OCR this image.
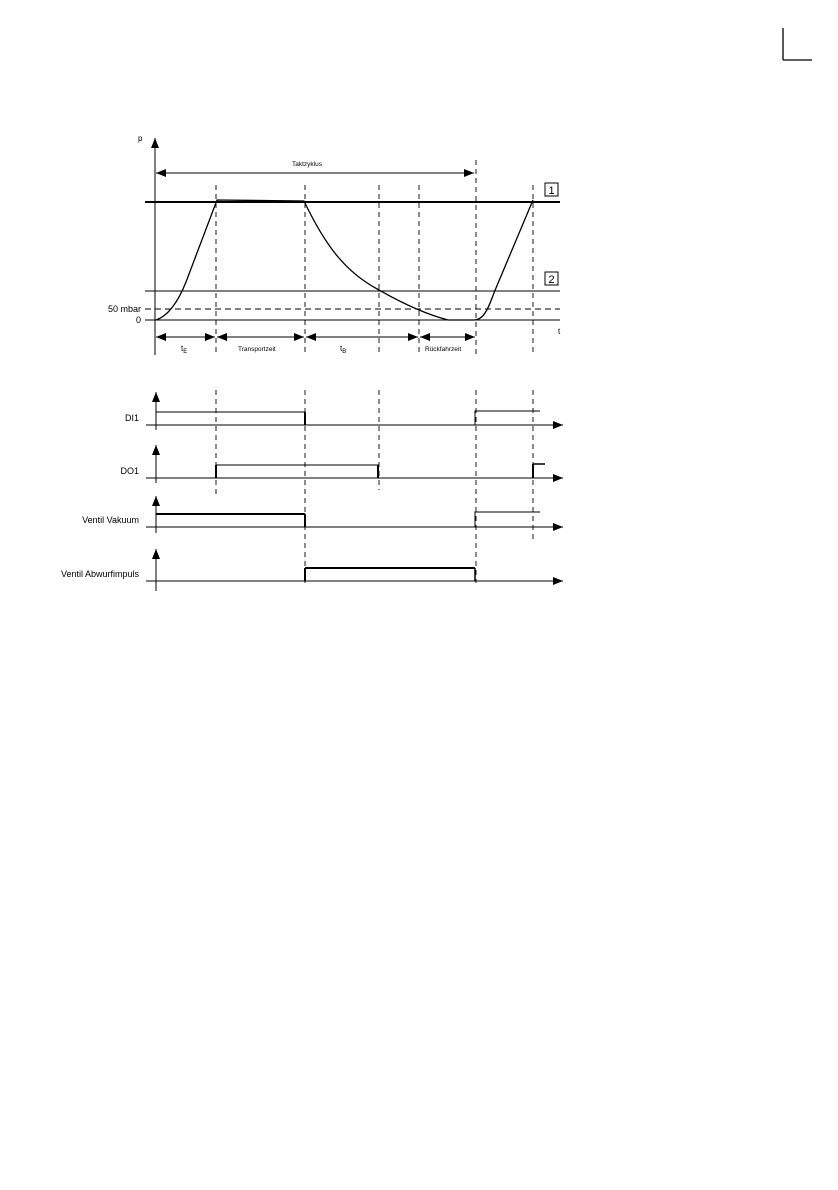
p
t
Taktzyklus
1
2
50 mbar
0
$t_E$	Transportzeit	$t_B$	Rückfahrzeit
DI1
DO1
Ventil Vakuum
Ventil Abwurfimpuls
